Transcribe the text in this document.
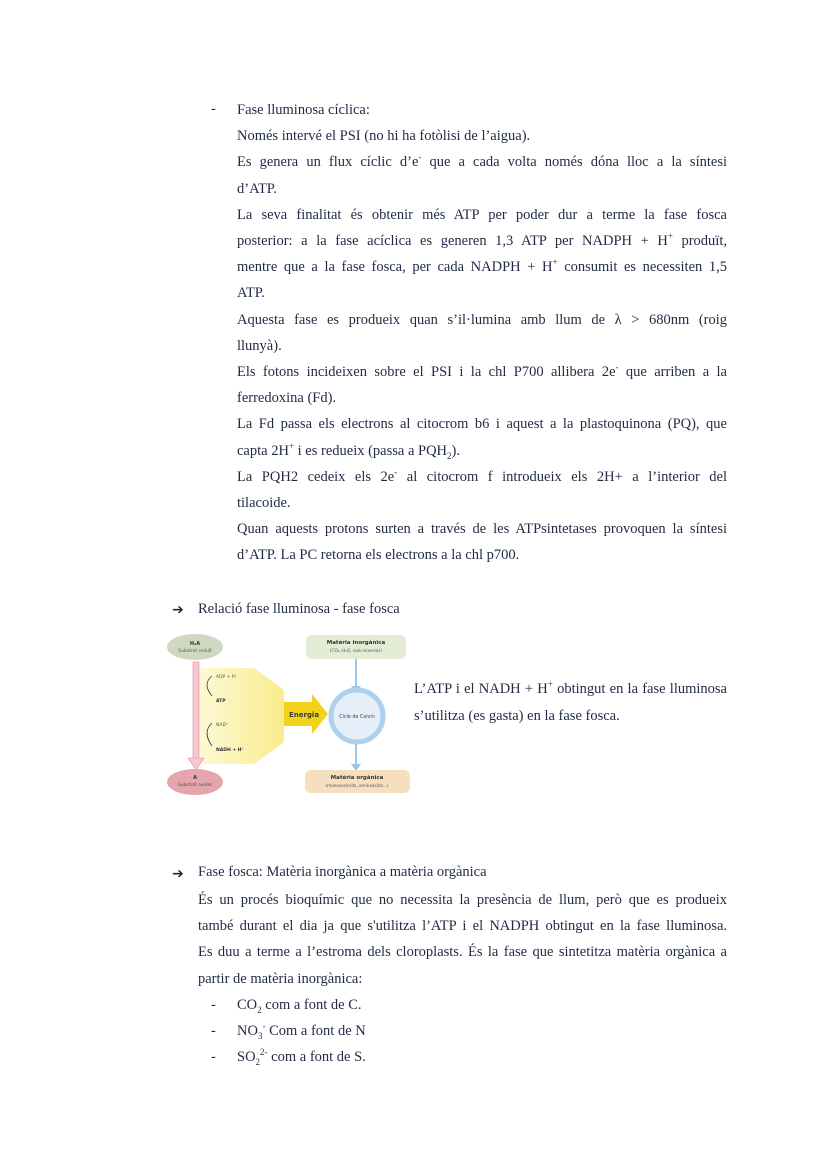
- Fase lluminosa cíclica:
Només intervé el PSI (no hi ha fotòlisi de l’aigua).
Es genera un flux cíclic d’e- que a cada volta només dóna lloc a la síntesi
d’ATP.
La seva finalitat és obtenir més ATP per poder dur a terme la fase fosca
posterior: a la fase acíclica es generen 1,3 ATP per NADPH + H+ produït,
mentre que a la fase fosca, per cada NADPH + H+ consumit es necessiten 1,5
ATP.
Aquesta fase es produeix quan s’il·lumina amb llum de λ > 680nm (roig
llunyà).
Els fotons incideixen sobre el PSI i la chl P700 allibera 2e- que arriben a la
ferredoxina (Fd).
La Fd passa els electrons al citocrom b6 i aquest a la plastoquinona (PQ), que
capta 2H+ i es redueix (passa a $PQH_2$).
La PQH2 cedeix els 2e- al citocrom f introdueix els 2H+ a l’interior del
tilacoide.
Quan aquests protons surten a través de les ATPsintetases provoquen la síntesi
d’ATP. La PC retorna els electrons a la chl p700.
➔ Relació fase lluminosa - fase fosca
Energia
H₂A
Substrat reduït
A
Substrat oxidat
ADP + Pi
ATP
NAD⁺
NADH + H⁺
Matèria inorgànica
(CO₂, H₂O, sals minerals)
Cicle de Calvin
Matèria orgànica
(monosacàrids, aminoàcids...)
L’ATP i el NADH + H+ obtingut en la fase lluminosa s’utilitza (es gasta) en la fase fosca.
➔ Fase fosca: Matèria inorgànica a matèria orgànica
És un procés bioquímic que no necessita la presència de llum, però que es produeix
també durant el dia ja que s'utilitza l’ATP i el NADPH obtingut en la fase lluminosa.
Es duu a terme a l’estroma dels cloroplasts. És la fase que sintetitza matèria orgànica a
partir de matèria inorgànica:
- $CO_2$ com a font de C.
- $NO_3^-$ Com a font de N
- $SO_2^{2-}$ com a font de S.
